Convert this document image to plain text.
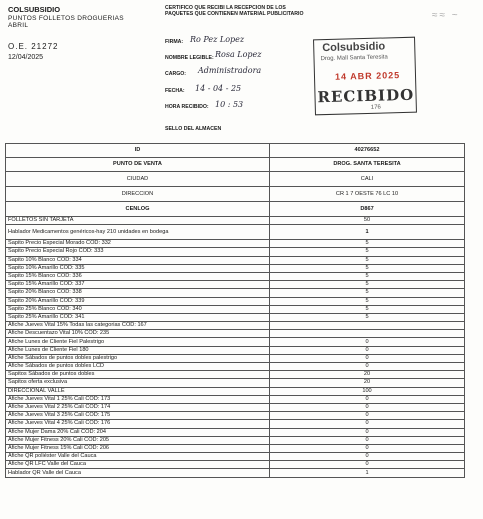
COLSUBSIDIO
PUNTOS FOLLETOS DROGUERIAS ABRIL
O.E. 21272
12/04/2025
CERTIFICO QUE RECIBI LA RECEPCION DE LOS PAQUETES QUE CONTIENEN MATERIAL PUBLICITARIO
FIRMA: Ro Pez Lopez
NOMBRE LEGIBLE: Rosa Lopez
CARGO: Administradora
FECHA: 14 - 04 - 25
HORA RECIBIDO: 10 : 53
SELLO DEL ALMACEN
≈≈ ~
Colsubsidio
Drog. Mall Santa Teresita
14 ABR 2025
RECIBIDO
176
ID	40276652
PUNTO DE VENTA	DROG. SANTA TERESITA
CIUDAD	CALI
DIRECCION	CR 1 7 OESTE 76 LC 10
CENLOG	D867
FOLLETOS SIN TARJETA	50
Hablador Medicamentos genéricos-hay 210 unidades en bodega	1
Sapito Precio Especial Morado COD: 332	5
Sapito Precio Especial Rojo COD: 333	5
Sapito 10% Blanco COD: 334	5
Sapito 10% Amarillo COD: 335	5
Sapito 15% Blanco COD: 336	5
Sapito 15% Amarillo COD: 337	5
Sapito 20% Blanco COD: 338	5
Sapito 20% Amarillo COD: 339	5
Sapito 25% Blanco COD: 340	5
Sapito 25% Amarillo COD: 341	5
Afiche Jueves Vital 15% Todas las categorias COD: 167	
Afiche Descuentazo Vital 10% COD: 235	
Afiche Lunes de Cliente Fiel Palestrigo	0
Afiche Lunes de Cliente Fiel 180	0
Afiche Sábados de puntos dobles palestrigo	0
Afiche Sábados de puntos dobles LCD	0
Sapitos Sábados de puntos dobles	20
Sapitos oferta exclusiva	20
DIRECCIONAL VALLE	100
Afiche Jueves Vital 1 25% Cali COD: 173	0
Afiche Jueves Vital 2 25% Cali COD: 174	0
Afiche Jueves Vital 3 25% Cali COD: 175	0
Afiche Jueves Vital 4 25% Cali COD: 176	0
Afiche Mujer Dama 20% Cali COD: 204	0
Afiche Mujer Fitness 20% Cali COD: 205	0
Afiche Mujer Fitness 15% Cali COD: 206	0
Afiche QR poliéster Valle del Cauca	0
Afiche QR LFC Valle del Cauca	0
Hablador QR Valle del Cauca	1
